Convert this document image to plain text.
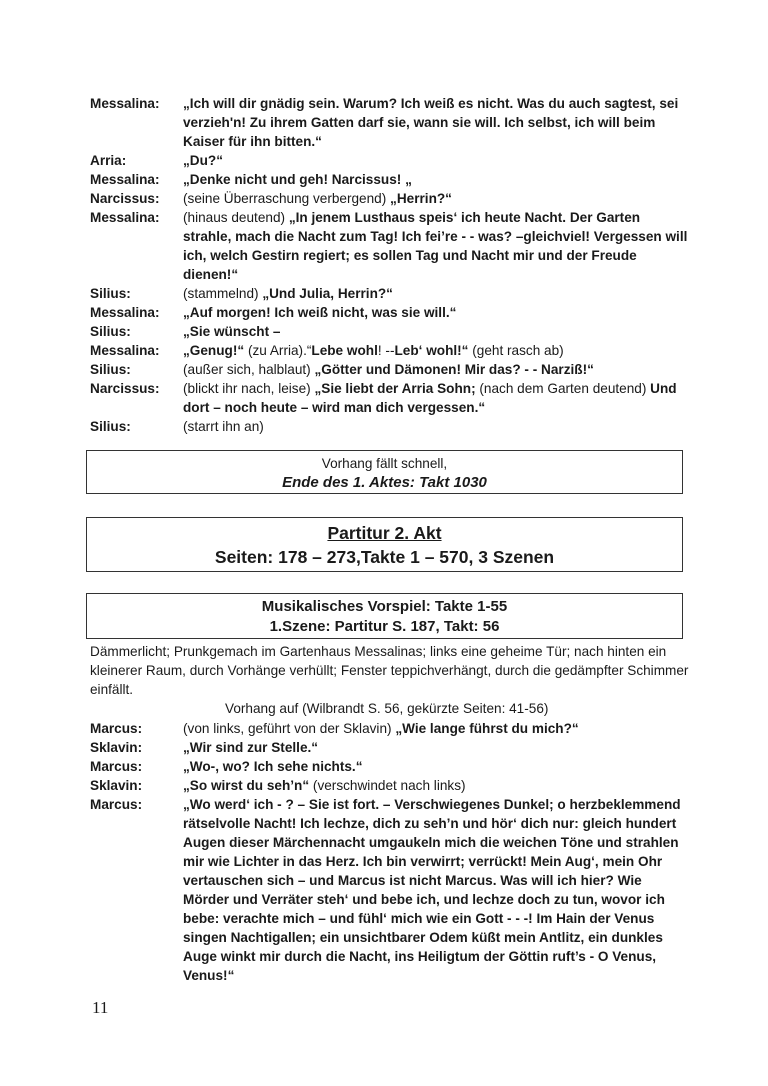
Messalina:	„Ich will dir gnädig sein. Warum? Ich weiß es nicht. Was du auch sagtest, sei verzieh'n! Zu ihrem Gatten darf sie, wann sie will. Ich selbst, ich will beim Kaiser für ihn bitten.“
Arria:	„Du?“
Messalina:	„Denke nicht und geh! Narcissus! „
Narcissus:	(seine Überraschung verbergend) „Herrin?“
Messalina:	(hinaus deutend) „In jenem Lusthaus speis‘ ich heute Nacht. Der Garten strahle, mach die Nacht zum Tag! Ich fei’re - - was? –gleichviel! Vergessen will ich, welch Gestirn regiert; es sollen Tag und Nacht mir und der Freude dienen!“
Silius:	(stammelnd) „Und Julia, Herrin?“
Messalina:	„Auf morgen! Ich weiß nicht, was sie will.“
Silius:	„Sie wünscht –
Messalina:	„Genug!“ (zu Arria).“Lebe wohl! --Leb‘ wohl!“ (geht rasch ab)
Silius:	(außer sich, halblaut) „Götter und Dämonen! Mir das? - - Narziß!“
Narcissus:	(blickt ihr nach, leise) „Sie liebt der Arria Sohn; (nach dem Garten deutend) Und dort – noch heute – wird man dich vergessen.“
Silius:	(starrt ihn an)
Vorhang fällt schnell,
Ende des 1. Aktes: Takt 1030
Partitur 2. Akt
Seiten: 178 – 273,Takte 1 – 570, 3 Szenen
Musikalisches Vorspiel: Takte 1-55
1.Szene: Partitur S. 187, Takt: 56
Dämmerlicht; Prunkgemach im Gartenhaus Messalinas; links eine geheime Tür; nach hinten ein kleinerer Raum, durch Vorhänge verhüllt; Fenster teppichverhängt, durch die gedämpfter Schimmer einfällt.
Vorhang auf (Wilbrandt S. 56, gekürzte Seiten: 41-56)
Marcus:	(von links, geführt von der Sklavin) „Wie lange führst du mich?“
Sklavin:	„Wir sind zur Stelle.“
Marcus:	„Wo-, wo? Ich sehe nichts.“
Sklavin:	„So wirst du seh’n“ (verschwindet nach links)
Marcus:	„Wo werd‘ ich - ? – Sie ist fort. – Verschwiegenes Dunkel; o herzbeklemmend rätselvolle Nacht! Ich lechze, dich zu seh’n und hör‘ dich nur: gleich hundert Augen dieser Märchennacht umgaukeln mich die weichen Töne und strahlen mir wie Lichter in das Herz. Ich bin verwirrt; verrückt! Mein Aug‘, mein Ohr vertauschen sich – und Marcus ist nicht Marcus. Was will ich hier? Wie Mörder und Verräter steh‘ und bebe ich, und lechze doch zu tun, wovor ich bebe: verachte mich – und fühl‘ mich wie ein Gott - - -! Im Hain der Venus singen Nachtigallen; ein unsichtbarer Odem küßt mein Antlitz, ein dunkles Auge winkt mir durch die Nacht, ins Heiligtum der Göttin ruft’s - O Venus, Venus!“
11
